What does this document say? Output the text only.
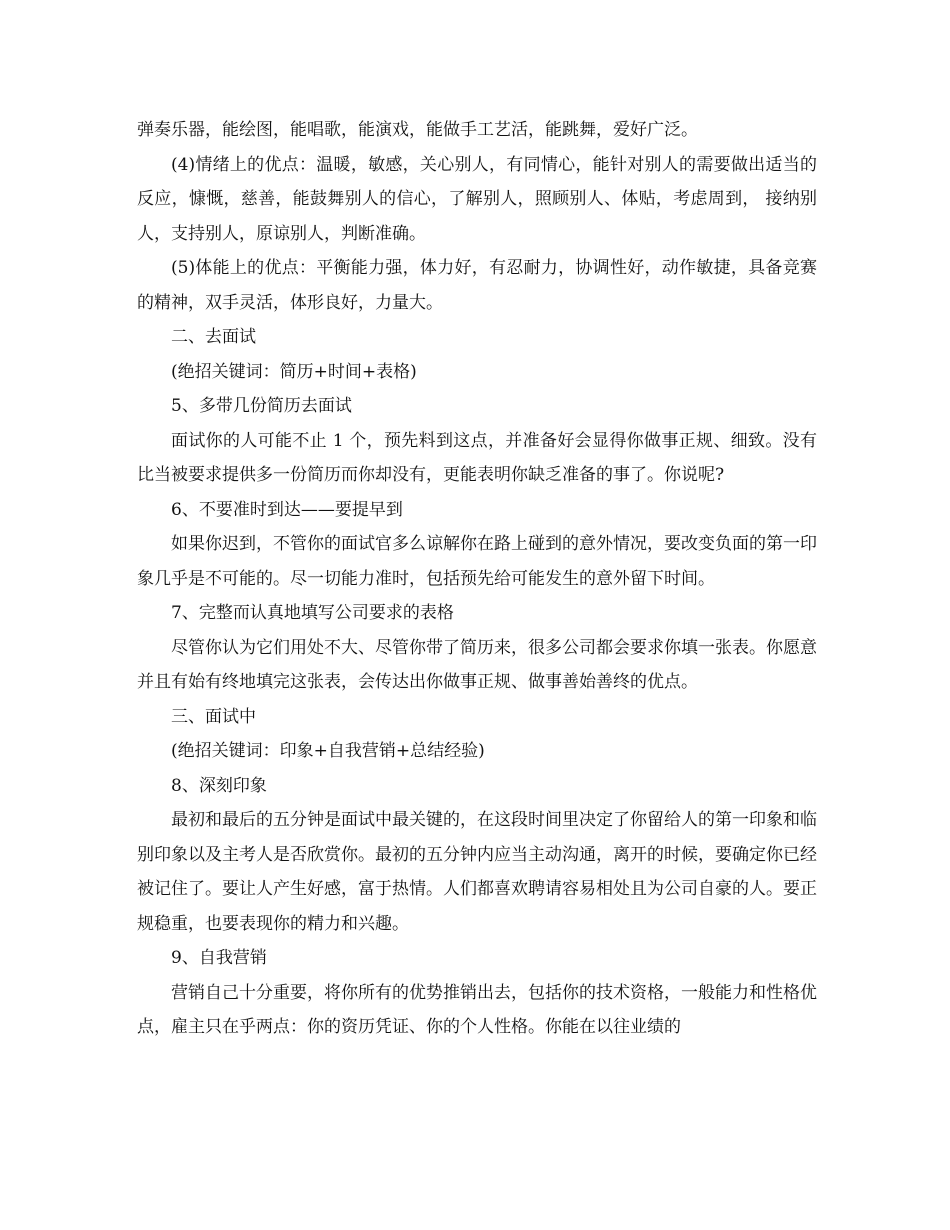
弹奏乐器，能绘图，能唱歌，能演戏，能做手工艺活，能跳舞，爱好广泛。

(4)情绪上的优点：温暖，敏感，关心别人，有同情心，能针对别人的需要做出适当的反应，慷慨，慈善，能鼓舞别人的信心，了解别人，照顾别人、体贴，考虑周到， 接纳别人，支持别人，原谅别人，判断准确。

(5)体能上的优点：平衡能力强，体力好，有忍耐力，协调性好，动作敏捷，具备竞赛的精神，双手灵活，体形良好，力量大。

二、去面试

(绝招关键词：简历+时间+表格)

5、多带几份简历去面试

面试你的人可能不止 1 个，预先料到这点，并准备好会显得你做事正规、细致。没有比当被要求提供多一份简历而你却没有，更能表明你缺乏准备的事了。你说呢?

6、不要准时到达——要提早到

如果你迟到，不管你的面试官多么谅解你在路上碰到的意外情况，要改变负面的第一印象几乎是不可能的。尽一切能力准时，包括预先给可能发生的意外留下时间。

7、完整而认真地填写公司要求的表格

尽管你认为它们用处不大、尽管你带了简历来，很多公司都会要求你填一张表。你愿意并且有始有终地填完这张表，会传达出你做事正规、做事善始善终的优点。

三、面试中

(绝招关键词：印象+自我营销+总结经验)

8、深刻印象

最初和最后的五分钟是面试中最关键的，在这段时间里决定了你留给人的第一印象和临别印象以及主考人是否欣赏你。最初的五分钟内应当主动沟通，离开的时候，要确定你已经被记住了。要让人产生好感，富于热情。人们都喜欢聘请容易相处且为公司自豪的人。要正规稳重，也要表现你的精力和兴趣。

9、自我营销

营销自己十分重要，将你所有的优势推销出去，包括你的技术资格，一般能力和性格优点，雇主只在乎两点：你的资历凭证、你的个人性格。你能在以往业绩的
